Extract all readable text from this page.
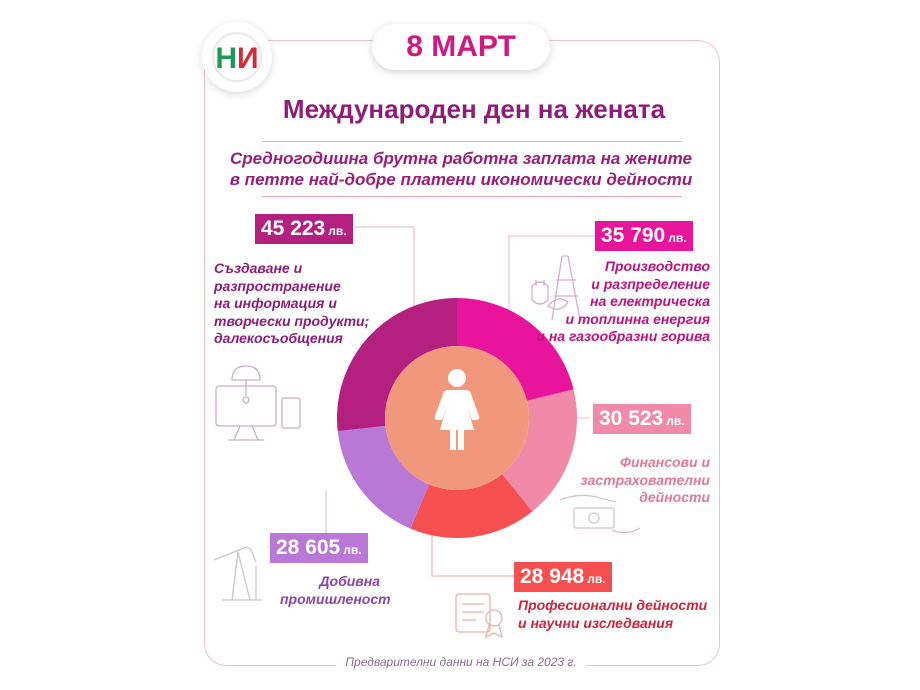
НИ	8 МАРТ
Международен ден на жената
Средногодишна брутна работна заплата на жените
в петте най-добре платени икономически дейности
45 223 лв.	35 790 лв.
30 523 лв.
28 948 лв.
28 605 лв.
Създаване и разпространение
на информация и
творчески продукти;
далекосъобщения
Производство
и разпределение
на електрическа
и топлинна енергия
и на газообразни горива
Финансови и
застрахователни
дейности
Професионални дейности
и научни изследвания
Добивна
промишленост
Предварителни данни на НСИ за 2023 г.
